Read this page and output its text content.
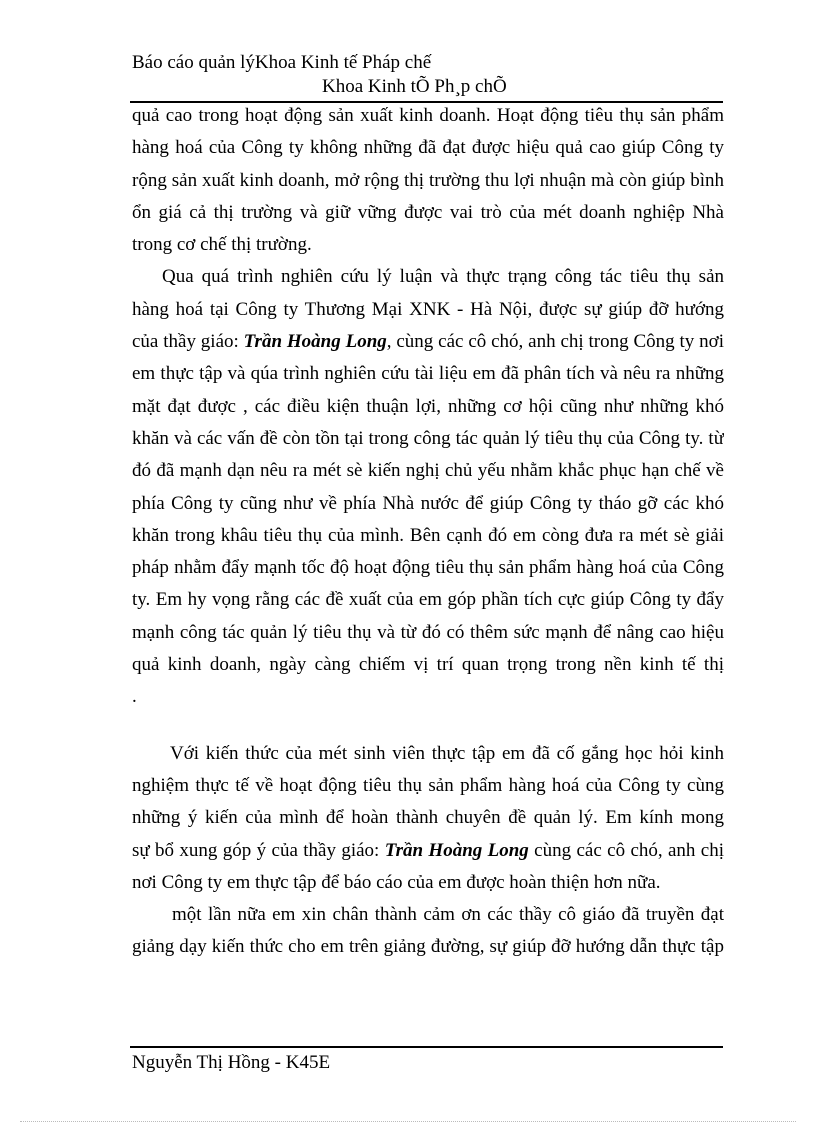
Báo cáo quản lýKhoa Kinh tế Pháp chế
Khoa Kinh tÕ Ph¸p chÕ
quả cao trong hoạt động sản xuất kinh doanh. Hoạt động tiêu thụ sản phẩm
hàng hoá của Công ty không những đã đạt được hiệu quả cao giúp Công ty
rộng sản xuất kinh doanh, mở rộng thị trường thu lợi nhuận mà còn giúp bình
ổn giá cả thị trường và giữ vững được vai trò của mét doanh nghiệp Nhà
trong cơ chế thị trường.
Qua quá trình nghiên cứu lý luận và thực trạng công tác tiêu thụ sản
hàng hoá tại Công ty Thương Mại XNK - Hà Nội, được sự giúp đỡ hướng
của thầy giáo: Trần Hoàng Long, cùng các cô chó, anh chị trong Công ty nơi
em thực tập và qúa trình nghiên cứu tài liệu em đã phân tích và nêu ra những
mặt đạt được , các điều kiện thuận lợi, những cơ hội cũng như những khó
khăn và các vấn đề còn tồn tại trong công tác quản lý tiêu thụ của Công ty. từ
đó đã mạnh dạn nêu ra mét sè kiến nghị chủ yếu nhằm khắc phục hạn chế về
phía Công ty cũng như về phía Nhà nước để giúp Công ty tháo gỡ các khó
khăn trong khâu tiêu thụ của mình. Bên cạnh đó em còng đưa ra mét sè giải
pháp nhằm đẩy mạnh tốc độ hoạt động tiêu thụ sản phẩm hàng hoá của Công
ty. Em hy vọng rằng các đề xuất của em góp phần tích cực giúp Công ty đẩy
mạnh công tác quản lý tiêu thụ và từ đó có thêm sức mạnh để nâng cao hiệu
quả kinh doanh, ngày càng chiếm vị trí quan trọng trong nền kinh tế thị
.
Với kiến thức của mét sinh viên thực tập em đã cố gắng học hỏi kinh
nghiệm thực tế về hoạt động tiêu thụ sản phẩm hàng hoá của Công ty cùng
những ý kiến của mình để hoàn thành chuyên đề quản lý. Em kính mong
sự bổ xung góp ý của thầy giáo: Trần Hoàng Long cùng các cô chó, anh chị
nơi Công ty em thực tập để báo cáo của em được hoàn thiện hơn nữa.
một lần nữa em xin chân thành cảm ơn các thầy cô giáo đã truyền đạt
giảng dạy kiến thức cho em trên giảng đường, sự giúp đỡ hướng dẫn thực tập
Nguyễn Thị Hồng - K45E
